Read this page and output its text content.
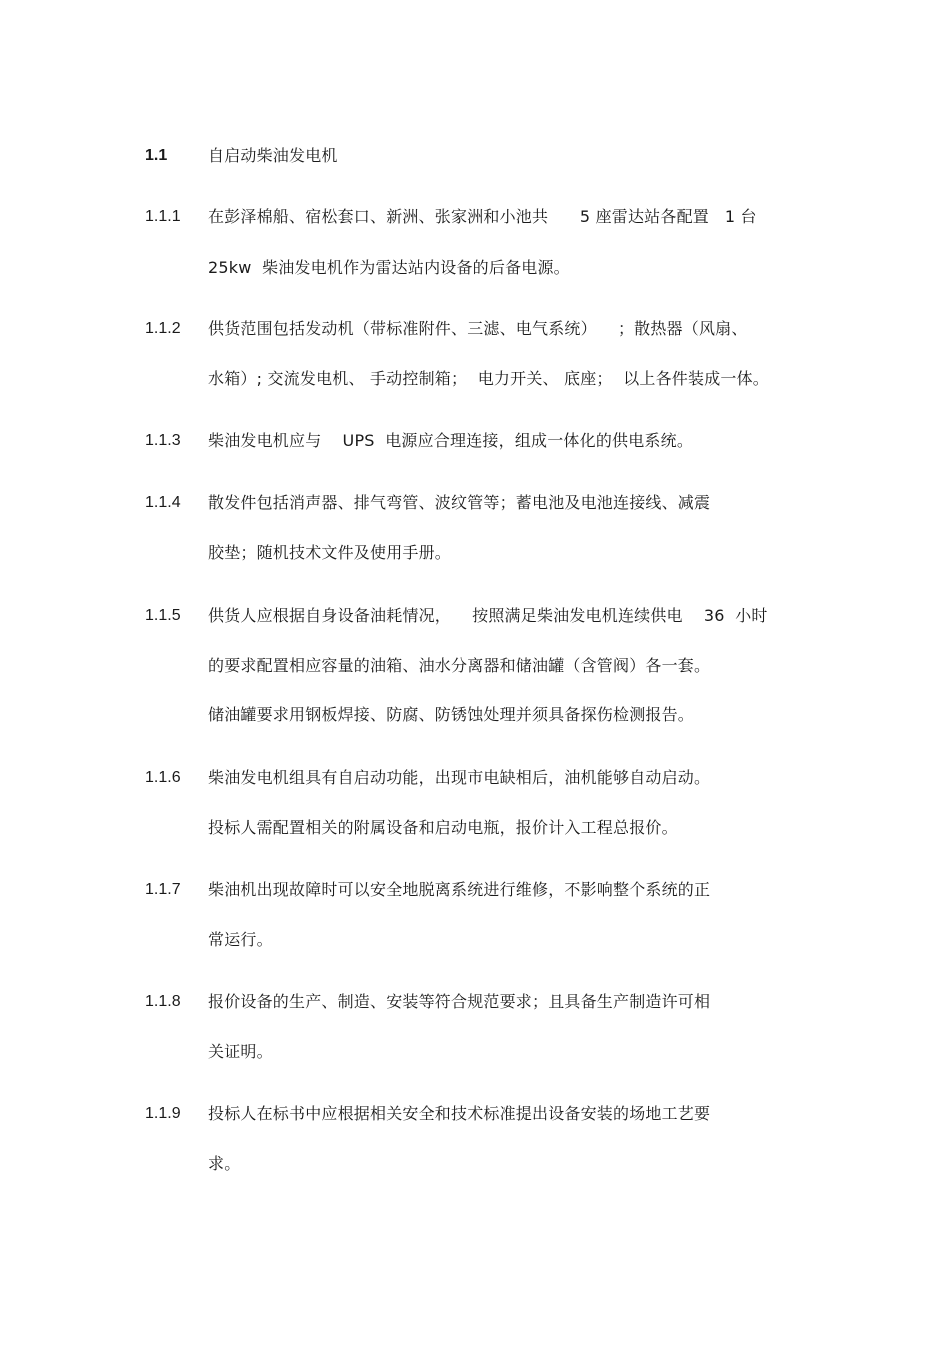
1.1	自启动柴油发电机
1.1.1 在彭泽棉船、宿松套口、新洲、张家洲和小池共      5 座雷达站各配置   1 台
25kw  柴油发电机作为雷达站内设备的后备电源。
1.1.2 供货范围包括发动机（带标准附件、三滤、电气系统）    ；散热器（风扇、
水箱）; 交流发电机、 手动控制箱；  电力开关、 底座；  以上各件装成一体。
1.1.3 柴油发电机应与    UPS  电源应合理连接，组成一体化的供电系统。
1.1.4 散发件包括消声器、排气弯管、波纹管等；蓄电池及电池连接线、减震
胶垫；随机技术文件及使用手册。
1.1.5 供货人应根据自身设备油耗情况，    按照满足柴油发电机连续供电    36  小时
的要求配置相应容量的油箱、油水分离器和储油罐（含管阀）各一套。
储油罐要求用钢板焊接、防腐、防锈蚀处理并须具备探伤检测报告。
1.1.6 柴油发电机组具有自启动功能，出现市电缺相后，油机能够自动启动。
投标人需配置相关的附属设备和启动电瓶，报价计入工程总报价。
1.1.7 柴油机出现故障时可以安全地脱离系统进行维修，不影响整个系统的正
常运行。
1.1.8 报价设备的生产、制造、安装等符合规范要求；且具备生产制造许可相
关证明。
1.1.9 投标人在标书中应根据相关安全和技术标准提出设备安装的场地工艺要
求。
